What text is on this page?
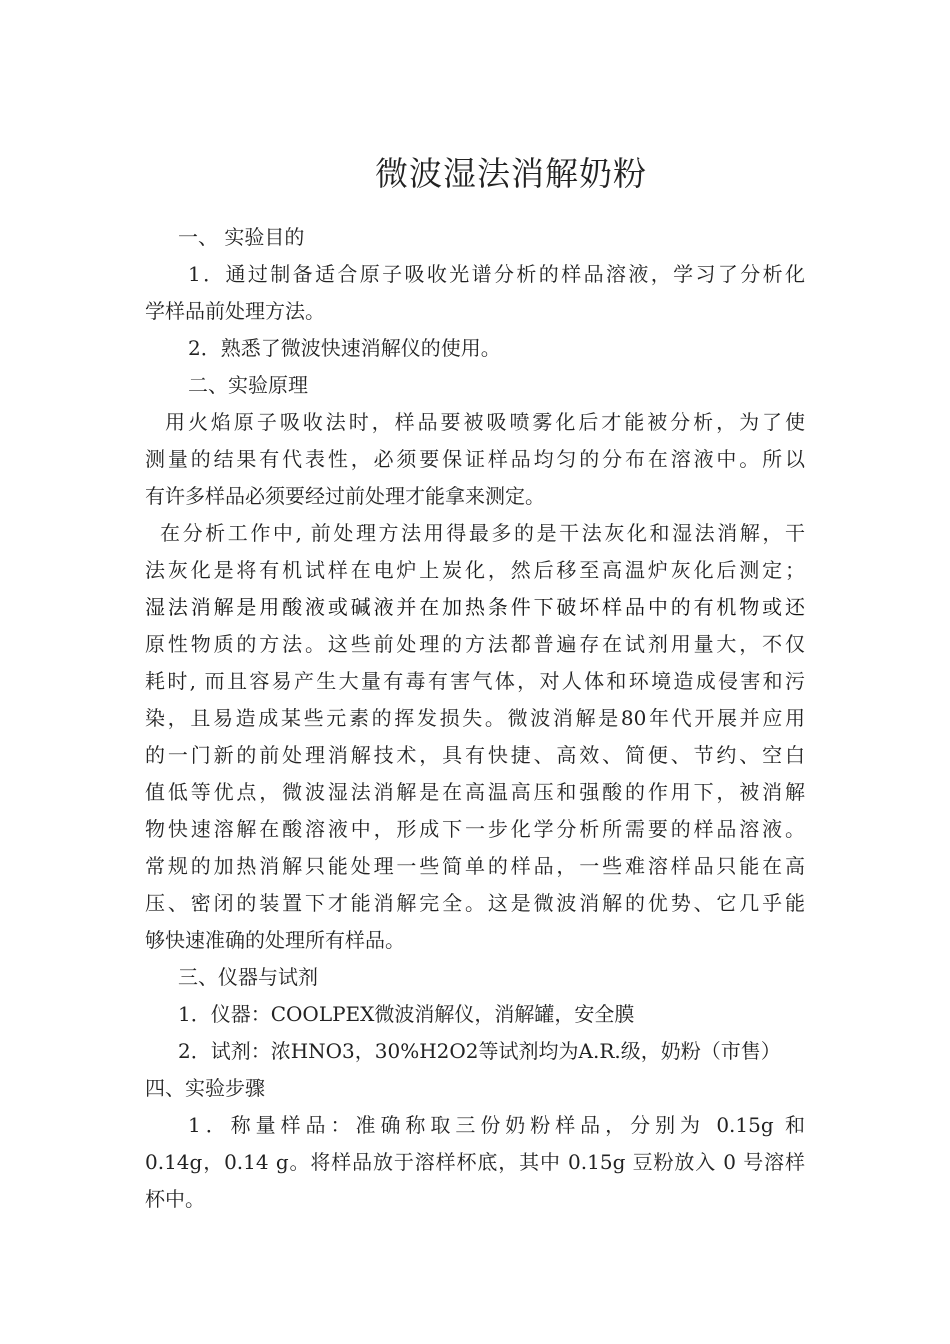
微波湿法消解奶粉
一、 实验目的
1．通过制备适合原子吸收光谱分析的样品溶液，学习了分析化
学样品前处理方法。
2．熟悉了微波快速消解仪的使用。
二、实验原理
用火焰原子吸收法时，样品要被吸喷雾化后才能被分析，为了使
测量的结果有代表性，必须要保证样品均匀的分布在溶液中。所以
有许多样品必须要经过前处理才能拿来测定。
在分析工作中, 前处理方法用得最多的是干法灰化和湿法消解，干
法灰化是将有机试样在电炉上炭化，然后移至高温炉灰化后测定；
湿法消解是用酸液或碱液并在加热条件下破坏样品中的有机物或还
原性物质的方法。这些前处理的方法都普遍存在试剂用量大，不仅
耗时, 而且容易产生大量有毒有害气体，对人体和环境造成侵害和污
染，且易造成某些元素的挥发损失。微波消解是80年代开展并应用
的一门新的前处理消解技术，具有快捷、高效、简便、节约、空白
值低等优点，微波湿法消解是在高温高压和强酸的作用下，被消解
物快速溶解在酸溶液中，形成下一步化学分析所需要的样品溶液。
常规的加热消解只能处理一些简单的样品，一些难溶样品只能在高
压、密闭的装置下才能消解完全。这是微波消解的优势、它几乎能
够快速准确的处理所有样品。
三、仪器与试剂
1．仪器：COOLPEX微波消解仪，消解罐，安全膜
2．试剂：浓HNO3，30%H2O2等试剂均为A.R.级，奶粉（市售）
四、实验步骤
1．称量样品：准确称取三份奶粉样品，分别为 0.15g 和
0.14g，0.14 g。将样品放于溶样杯底，其中 0.15g 豆粉放入 0 号溶样
杯中。
